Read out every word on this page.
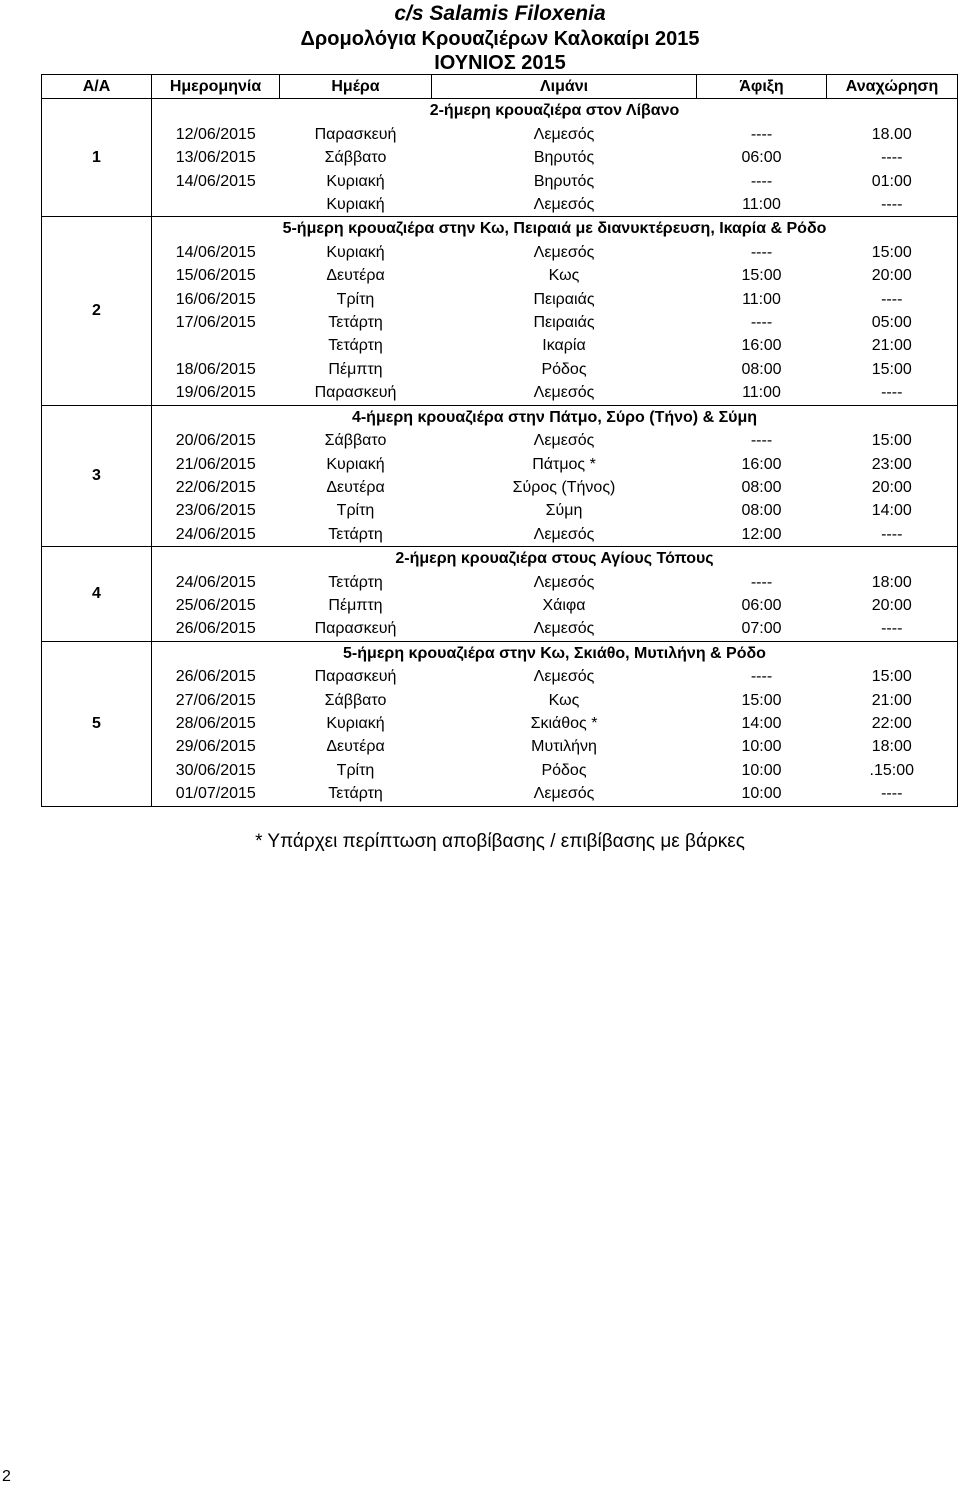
c/s Salamis Filoxenia
Δρομολόγια Κρουαζιέρων Καλοκαίρι 2015
ΙΟΥΝΙΟΣ 2015
Α/Α	Ημερομηνία	Ημέρα	Λιμάνι	Άφιξη	Αναχώρηση
1	2-ήμερη κρουαζιέρα στον Λίβανο				
	12/06/2015	Παρασκευή	Λεμεσός	----	18.00
	13/06/2015	Σάββατο	Βηρυτός	06:00	----
	14/06/2015	Κυριακή	Βηρυτός	----	01:00
		Κυριακή	Λεμεσός	11:00	----
2	5-ήμερη κρουαζιέρα στην Κω, Πειραιά με διανυκτέρευση, Ικαρία & Ρόδο				
	14/06/2015	Κυριακή	Λεμεσός	----	15:00
	15/06/2015	Δευτέρα	Κως	15:00	20:00
	16/06/2015	Τρίτη	Πειραιάς	11:00	----
	17/06/2015	Τετάρτη	Πειραιάς	----	05:00
		Τετάρτη	Ικαρία	16:00	21:00
	18/06/2015	Πέμπτη	Ρόδος	08:00	15:00
	19/06/2015	Παρασκευή	Λεμεσός	11:00	----
3	4-ήμερη κρουαζιέρα στην Πάτμο, Σύρο (Τήνο) & Σύμη				
	20/06/2015	Σάββατο	Λεμεσός	----	15:00
	21/06/2015	Κυριακή	Πάτμος *	16:00	23:00
	22/06/2015	Δευτέρα	Σύρος (Τήνος)	08:00	20:00
	23/06/2015	Τρίτη	Σύμη	08:00	14:00
	24/06/2015	Τετάρτη	Λεμεσός	12:00	----
4	2-ήμερη κρουαζιέρα στους Αγίους Τόπους				
	24/06/2015	Τετάρτη	Λεμεσός	----	18:00
	25/06/2015	Πέμπτη	Χάιφα	06:00	20:00
	26/06/2015	Παρασκευή	Λεμεσός	07:00	----
5	5-ήμερη κρουαζιέρα στην Κω, Σκιάθο, Μυτιλήνη & Ρόδο				
	26/06/2015	Παρασκευή	Λεμεσός	----	15:00
	27/06/2015	Σάββατο	Κως	15:00	21:00
	28/06/2015	Κυριακή	Σκιάθος *	14:00	22:00
	29/06/2015	Δευτέρα	Μυτιλήνη	10:00	18:00
	30/06/2015	Τρίτη	Ρόδος	10:00	.15:00
	01/07/2015	Τετάρτη	Λεμεσός	10:00	----
* Υπάρχει περίπτωση αποβίβασης / επιβίβασης με βάρκες
2
